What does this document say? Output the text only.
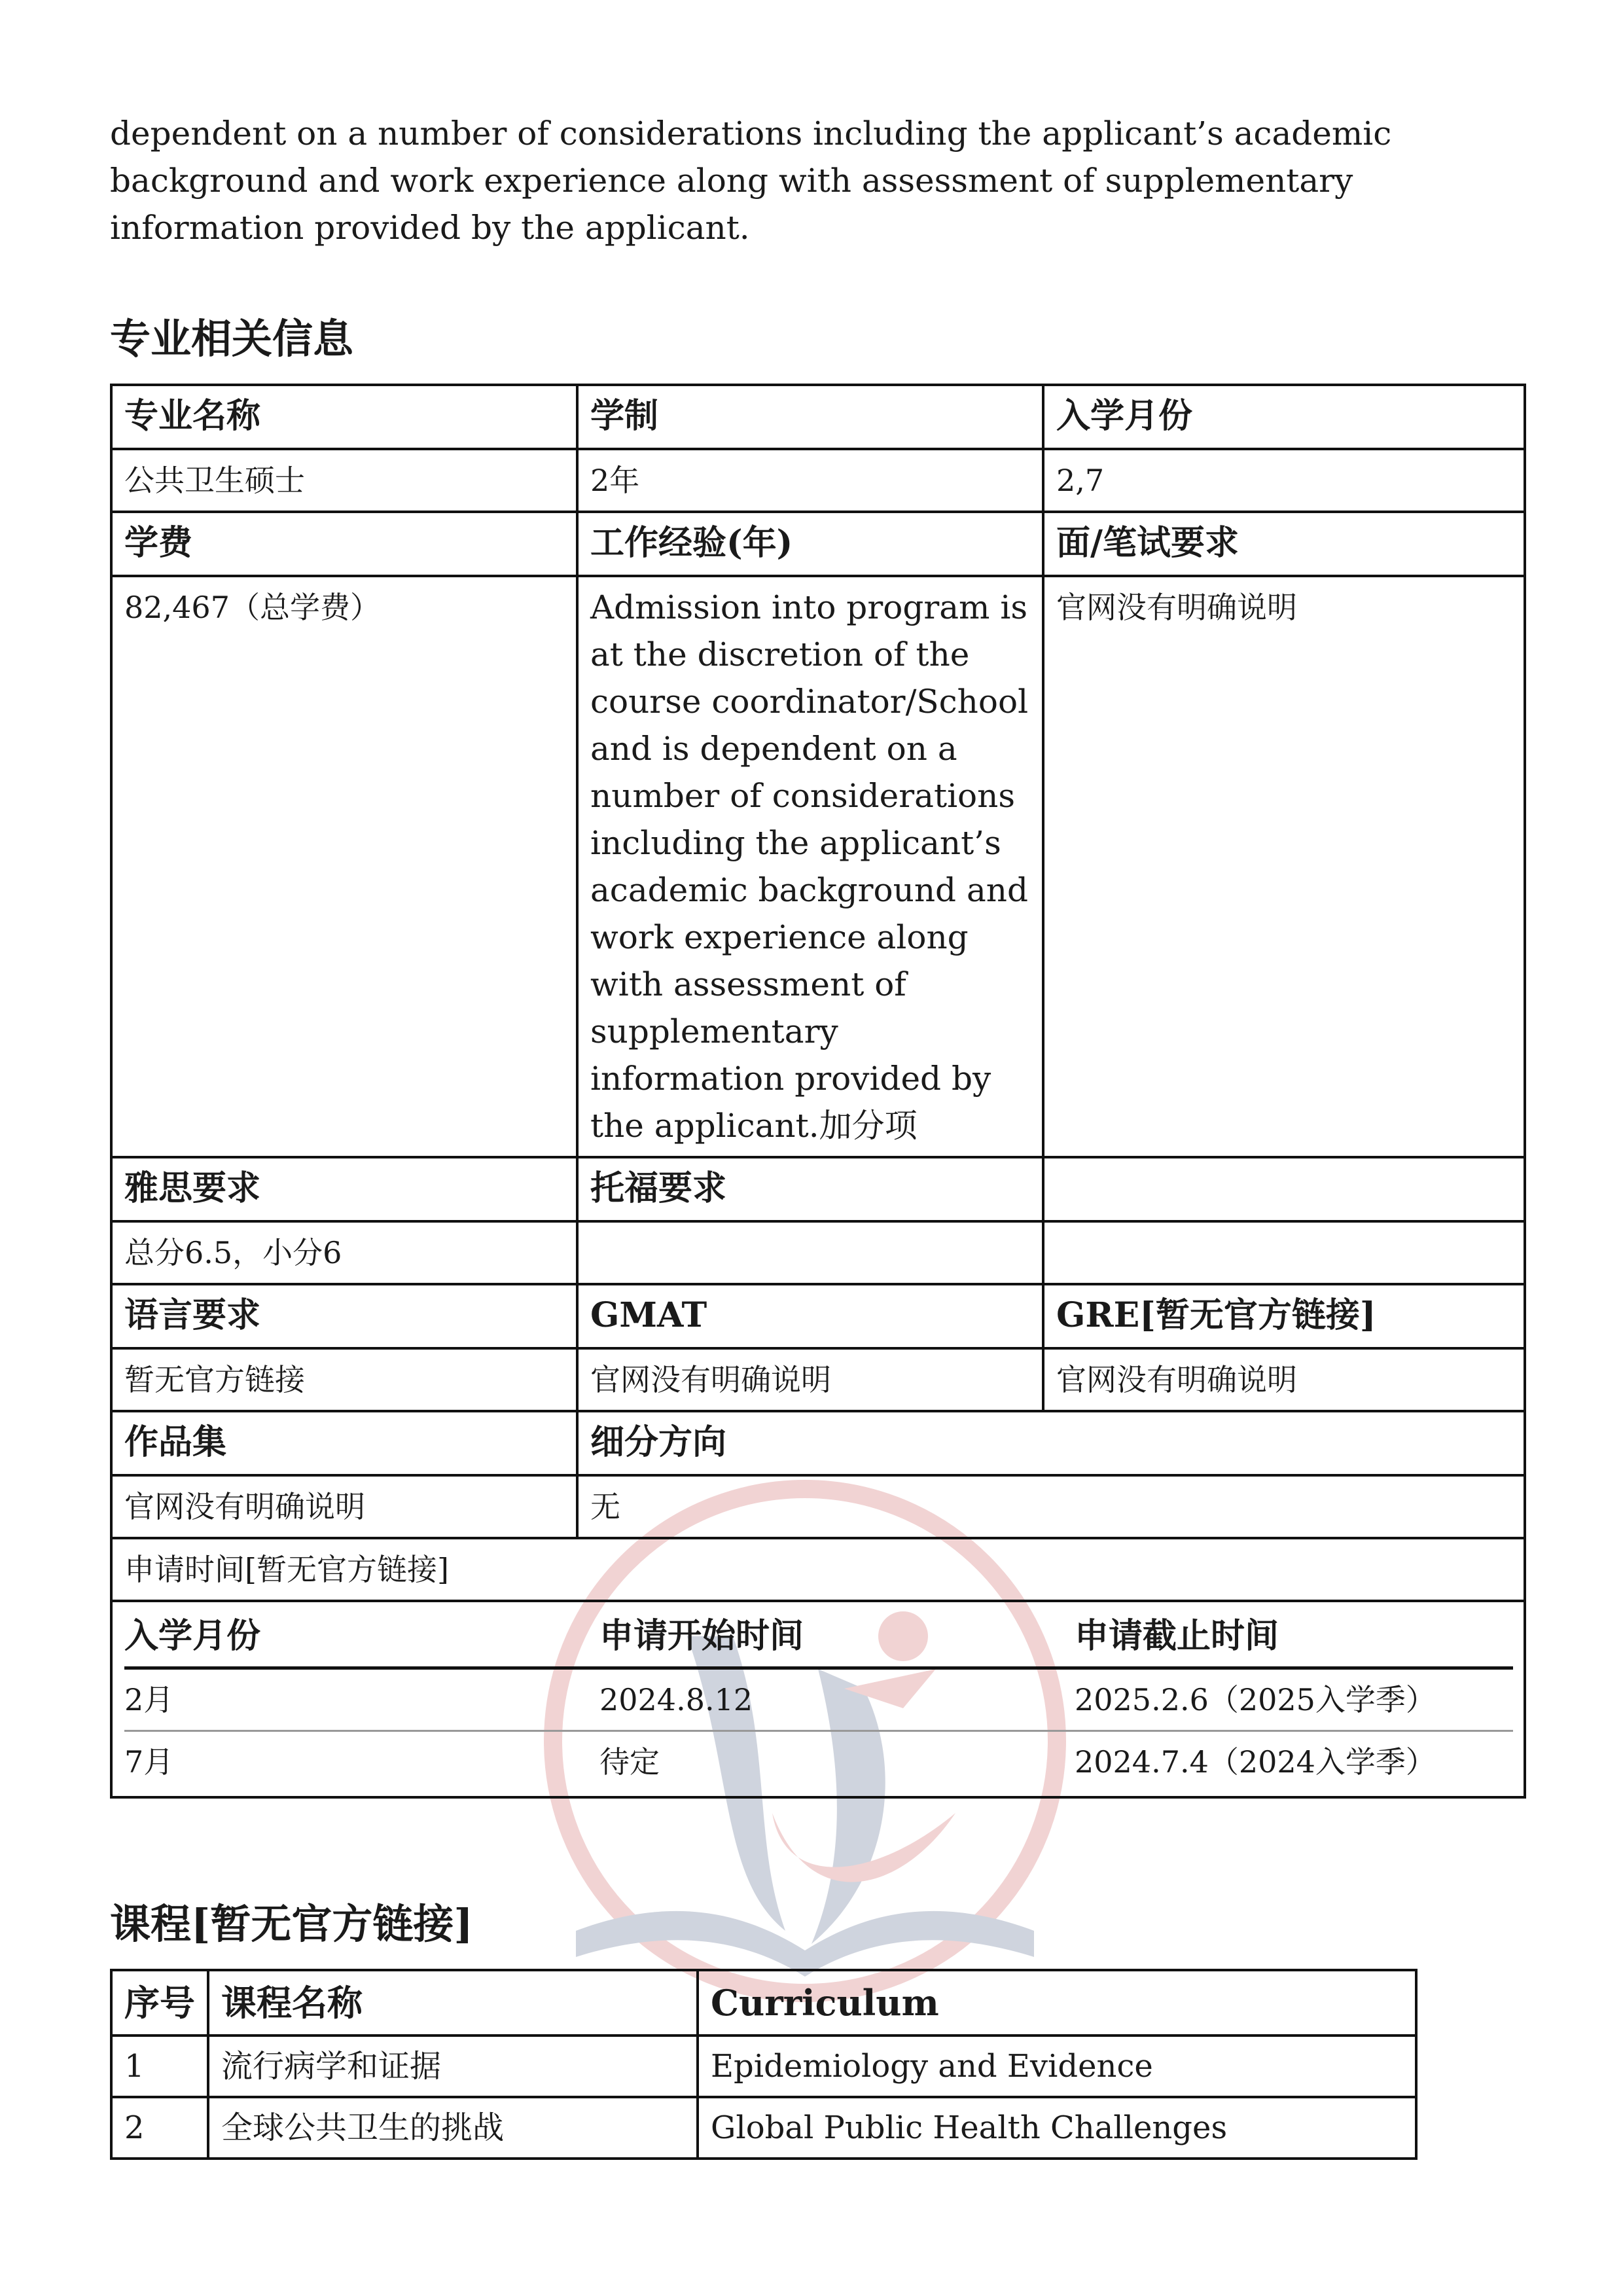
dependent on a number of considerations including the applicant’s academic background and work experience along with assessment of supplementary information provided by the applicant.

专业相关信息
专业名称	学制	入学月份
公共卫生硕士	2年	2,7
学费	工作经验(年)	面/笔试要求
82,467（总学费）	Admission into program is at the discretion of the course coordinator/School and is dependent on a number of considerations including the applicant’s academic background and work experience along with assessment of supplementary information provided by the applicant.加分项	官网没有明确说明
雅思要求	托福要求	
总分6.5，小分6		
语言要求	GMAT	GRE[暂无官方链接]
暂无官方链接	官网没有明确说明	官网没有明确说明
作品集	细分方向
官网没有明确说明	无
申请时间[暂无官方链接]

入学月份	申请开始时间	申请截止时间
2月	2024.8.12	2025.2.6（2025入学季）
7月	待定	2024.7.4（2024入学季）
课程[暂无官方链接]
序号	课程名称	Curriculum
1	流行病学和证据	Epidemiology and Evidence
2	全球公共卫生的挑战	Global Public Health Challenges
